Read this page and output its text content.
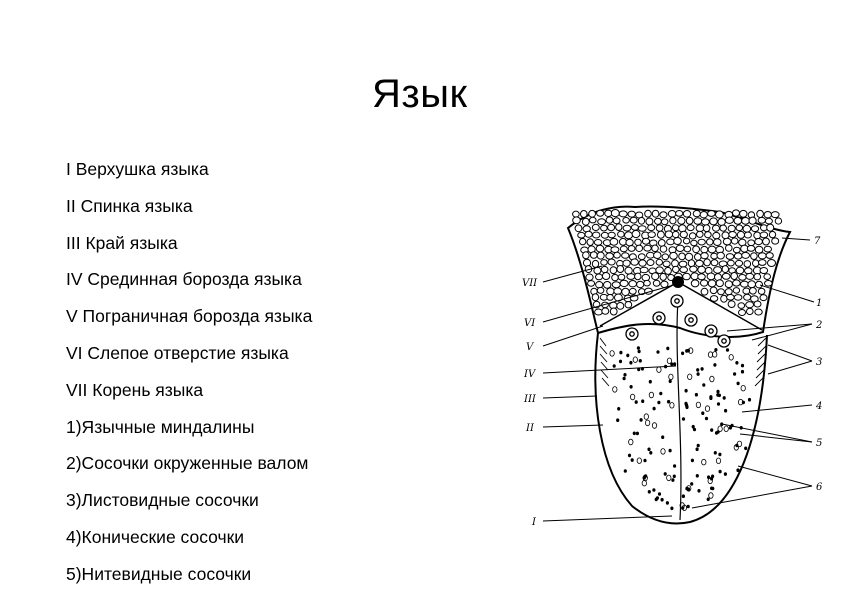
Язык
I Верхушка языка
II Спинка языка
III Край языка
IV Срединная борозда языка
V Пограничная борозда языка
VI Слепое отверстие языка
VII Корень языка
1)Язычные миндалины
2)Сосочки окруженные валом
3)Листовидные сосочки
4)Конические сосочки
5)Нитевидные сосочки
VII
VI
V
IV
III
II
I
7
1
2
3
4
5
6
